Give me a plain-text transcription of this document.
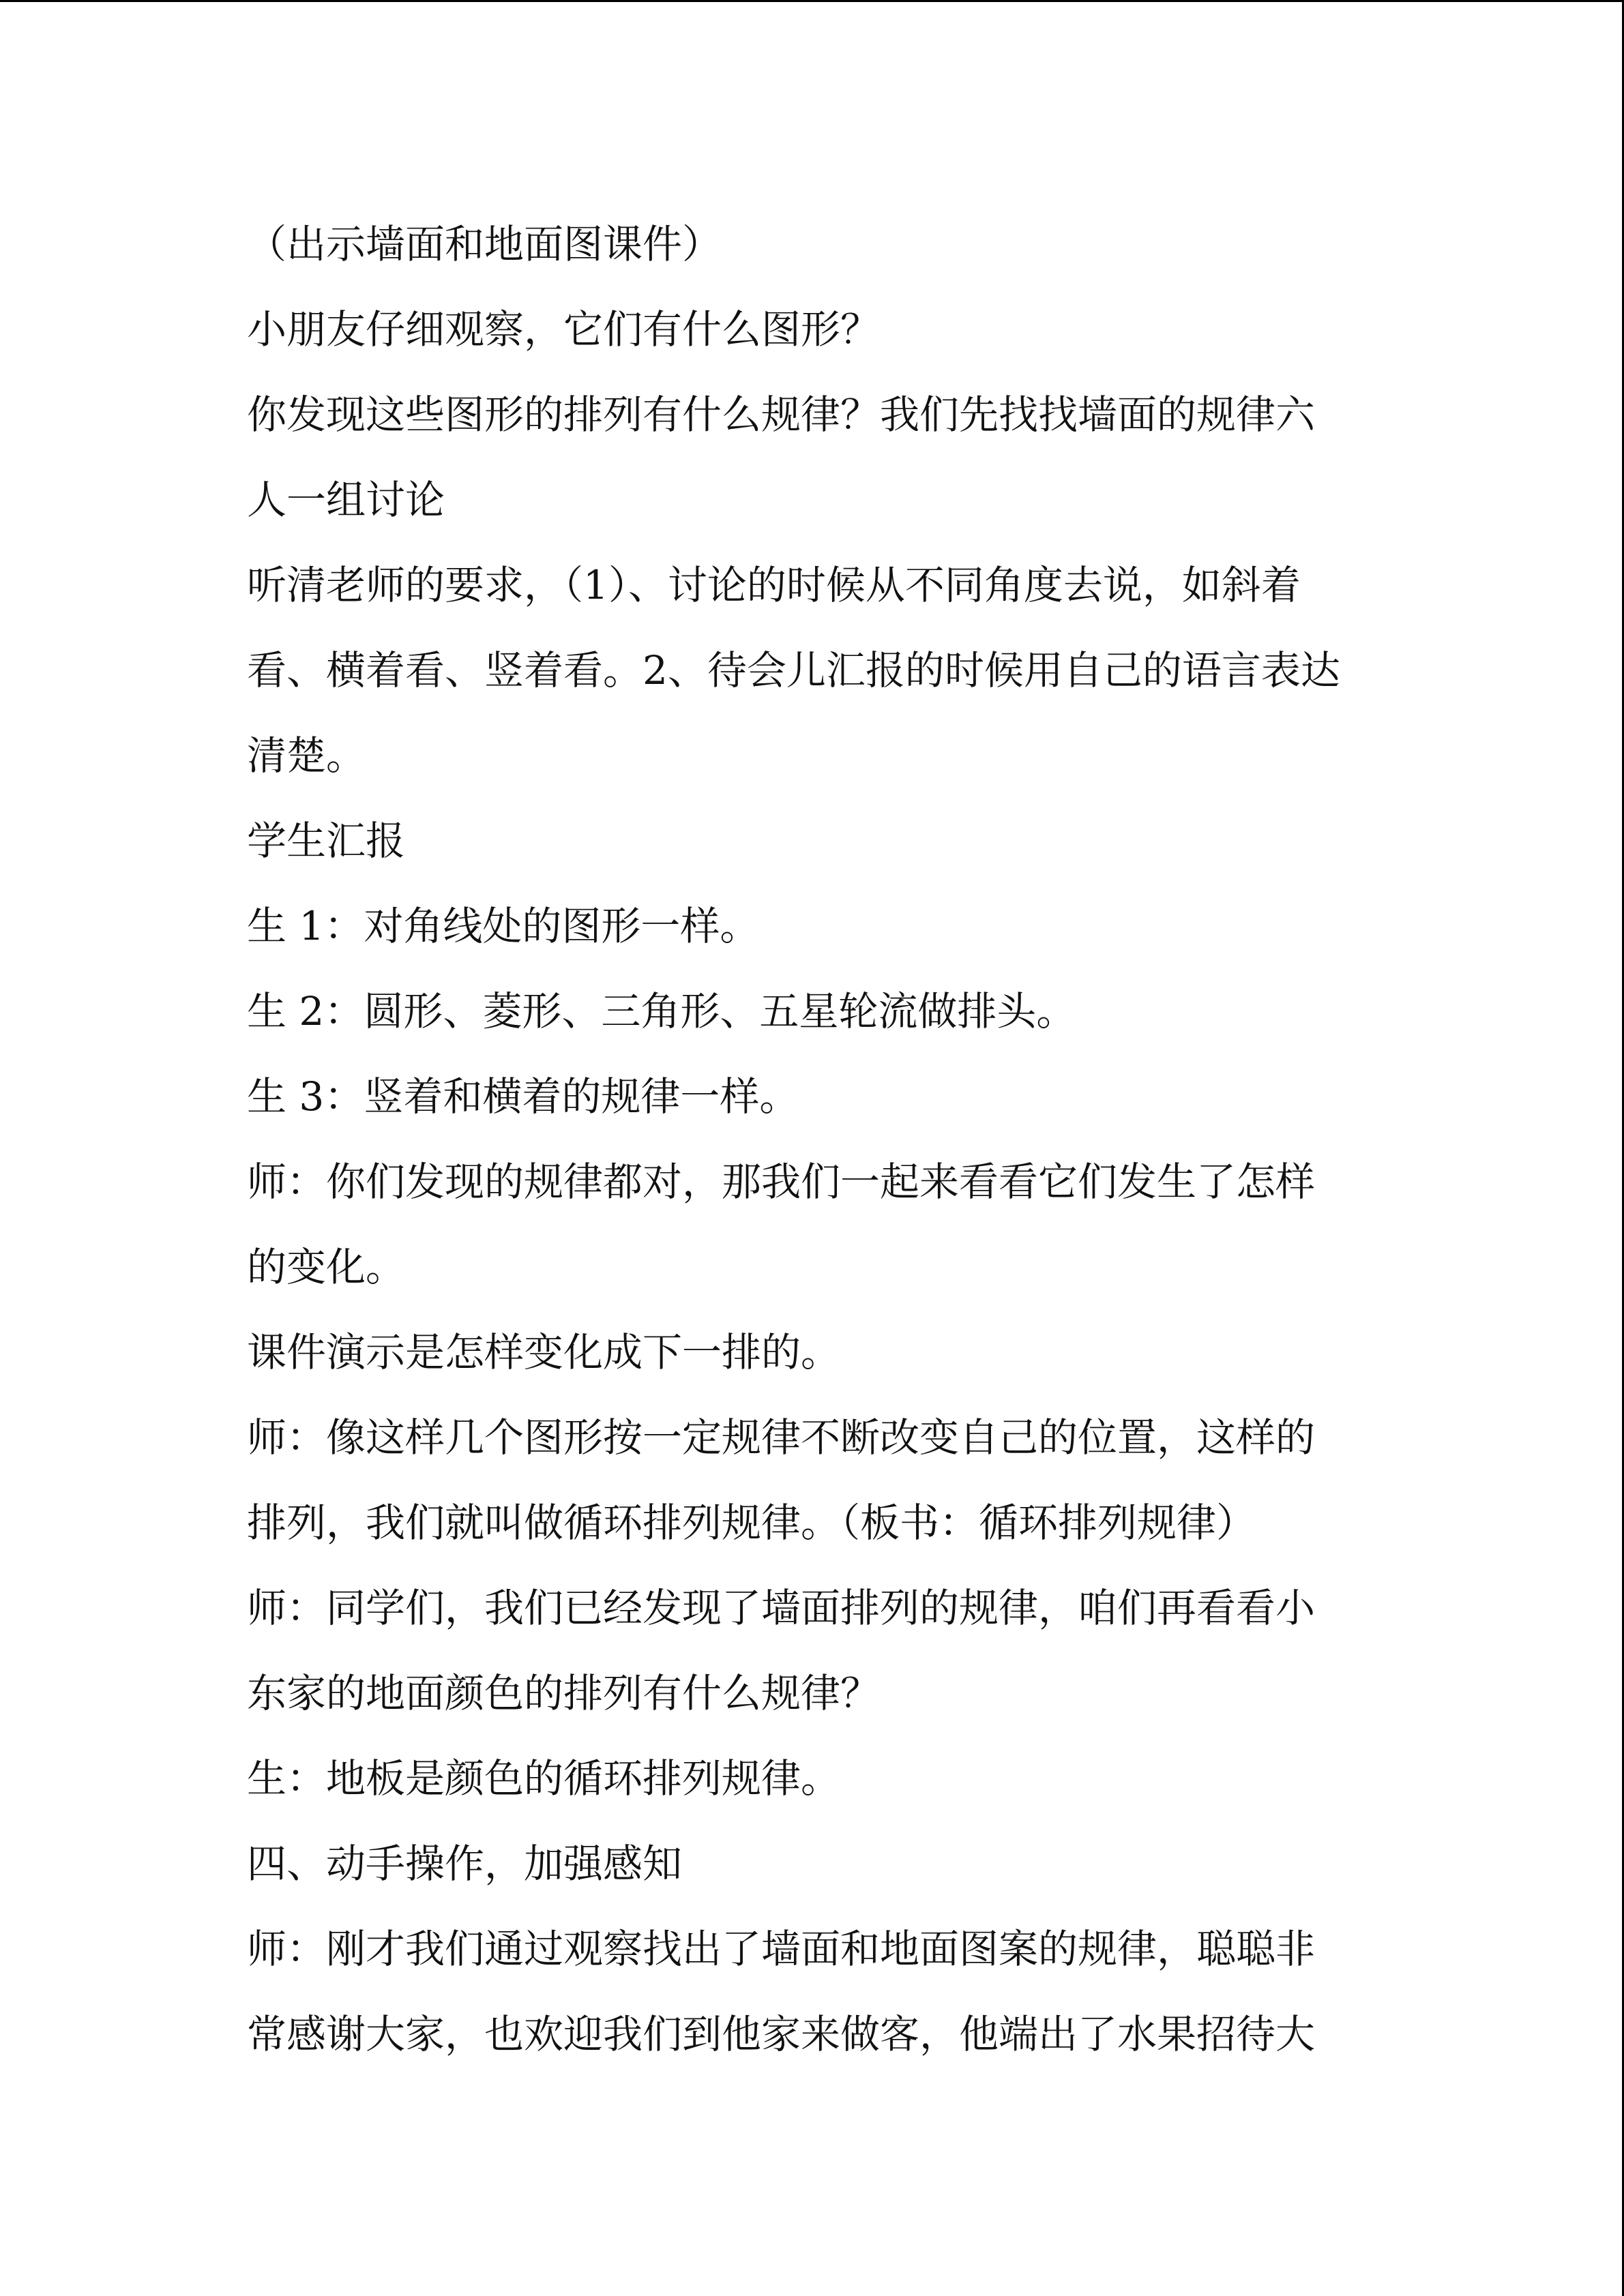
（出示墙面和地面图课件）
小朋友仔细观察，它们有什么图形？
你发现这些图形的排列有什么规律？我们先找找墙面的规律六
人一组讨论
听清老师的要求，（1）、讨论的时候从不同角度去说，如斜着
看、横着看、竖着看。2、待会儿汇报的时候用自己的语言表达
清楚。
学生汇报
生 1：对角线处的图形一样。
生 2：圆形、菱形、三角形、五星轮流做排头。
生 3：竖着和横着的规律一样。
师：你们发现的规律都对，那我们一起来看看它们发生了怎样
的变化。
课件演示是怎样变化成下一排的。
师：像这样几个图形按一定规律不断改变自己的位置，这样的
排列，我们就叫做循环排列规律。（板书：循环排列规律）
师：同学们，我们已经发现了墙面排列的规律，咱们再看看小
东家的地面颜色的排列有什么规律？
生：地板是颜色的循环排列规律。
四、动手操作，加强感知
师：刚才我们通过观察找出了墙面和地面图案的规律，聪聪非
常感谢大家，也欢迎我们到他家来做客，他端出了水果招待大
